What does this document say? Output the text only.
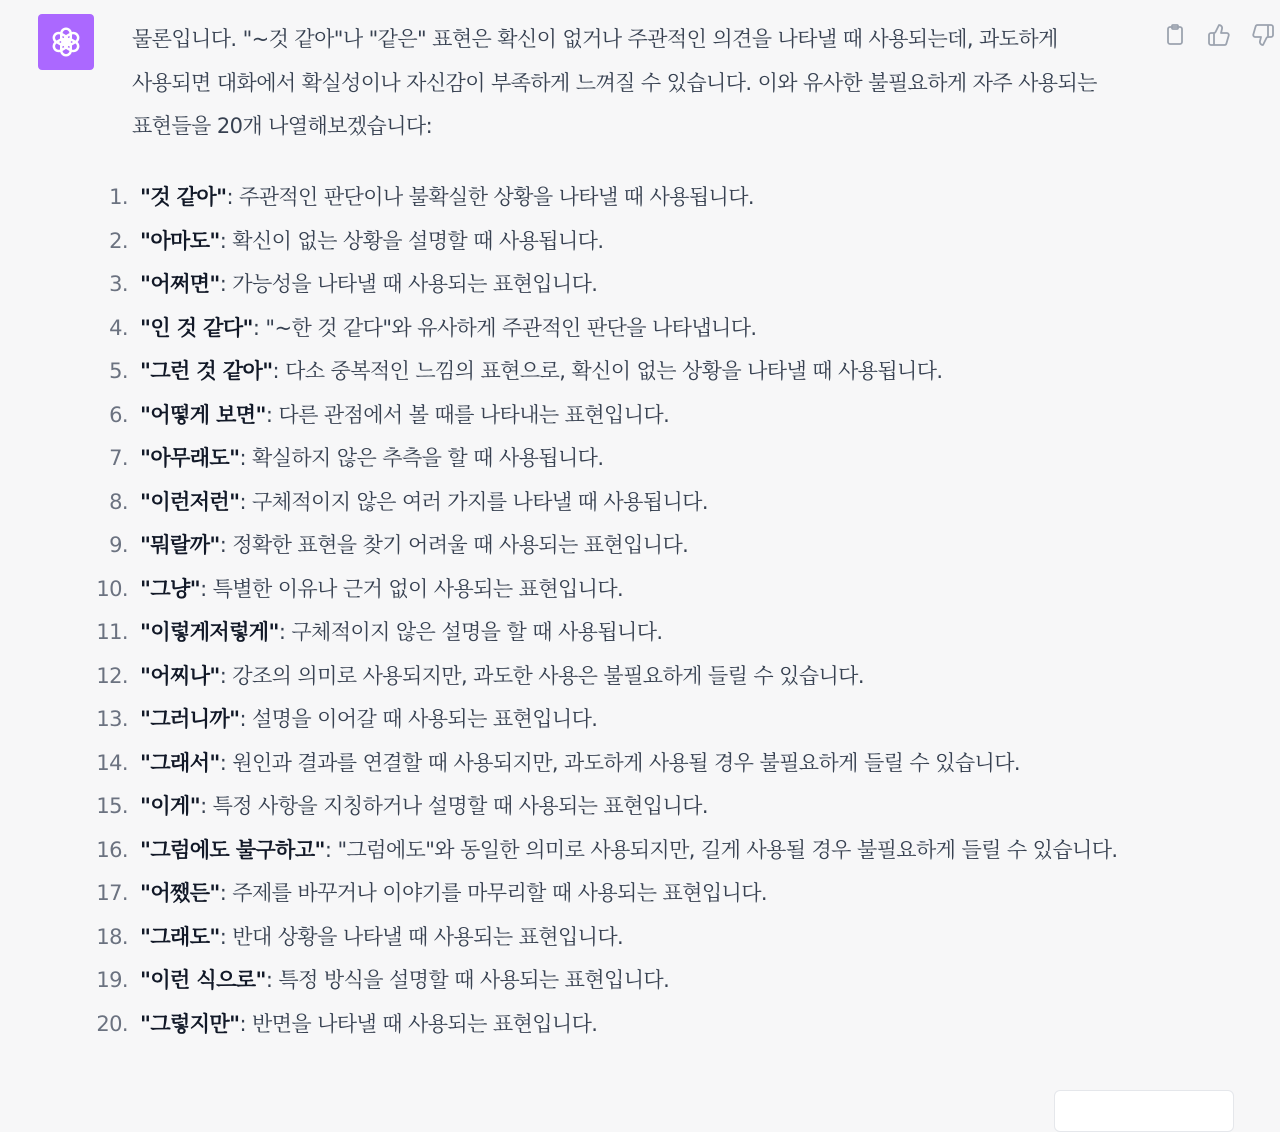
물론입니다. "~것 같아"나 "같은" 표현은 확신이 없거나 주관적인 의견을 나타낼 때 사용되는데, 과도하게 사용되면 대화에서 확실성이나 자신감이 부족하게 느껴질 수 있습니다. 이와 유사한 불필요하게 자주 사용되는 표현들을 20개 나열해보겠습니다:

1. "것 같아": 주관적인 판단이나 불확실한 상황을 나타낼 때 사용됩니다.
2. "아마도": 확신이 없는 상황을 설명할 때 사용됩니다.
3. "어쩌면": 가능성을 나타낼 때 사용되는 표현입니다.
4. "인 것 같다": "~한 것 같다"와 유사하게 주관적인 판단을 나타냅니다.
5. "그런 것 같아": 다소 중복적인 느낌의 표현으로, 확신이 없는 상황을 나타낼 때 사용됩니다.
6. "어떻게 보면": 다른 관점에서 볼 때를 나타내는 표현입니다.
7. "아무래도": 확실하지 않은 추측을 할 때 사용됩니다.
8. "이런저런": 구체적이지 않은 여러 가지를 나타낼 때 사용됩니다.
9. "뭐랄까": 정확한 표현을 찾기 어려울 때 사용되는 표현입니다.
10. "그냥": 특별한 이유나 근거 없이 사용되는 표현입니다.
11. "이렇게저렇게": 구체적이지 않은 설명을 할 때 사용됩니다.
12. "어찌나": 강조의 의미로 사용되지만, 과도한 사용은 불필요하게 들릴 수 있습니다.
13. "그러니까": 설명을 이어갈 때 사용되는 표현입니다.
14. "그래서": 원인과 결과를 연결할 때 사용되지만, 과도하게 사용될 경우 불필요하게 들릴 수 있습니다.
15. "이게": 특정 사항을 지칭하거나 설명할 때 사용되는 표현입니다.
16. "그럼에도 불구하고": "그럼에도"와 동일한 의미로 사용되지만, 길게 사용될 경우 불필요하게 들릴 수 있습니다.
17. "어쨌든": 주제를 바꾸거나 이야기를 마무리할 때 사용되는 표현입니다.
18. "그래도": 반대 상황을 나타낼 때 사용되는 표현입니다.
19. "이런 식으로": 특정 방식을 설명할 때 사용되는 표현입니다.
20. "그렇지만": 반면을 나타낼 때 사용되는 표현입니다.
